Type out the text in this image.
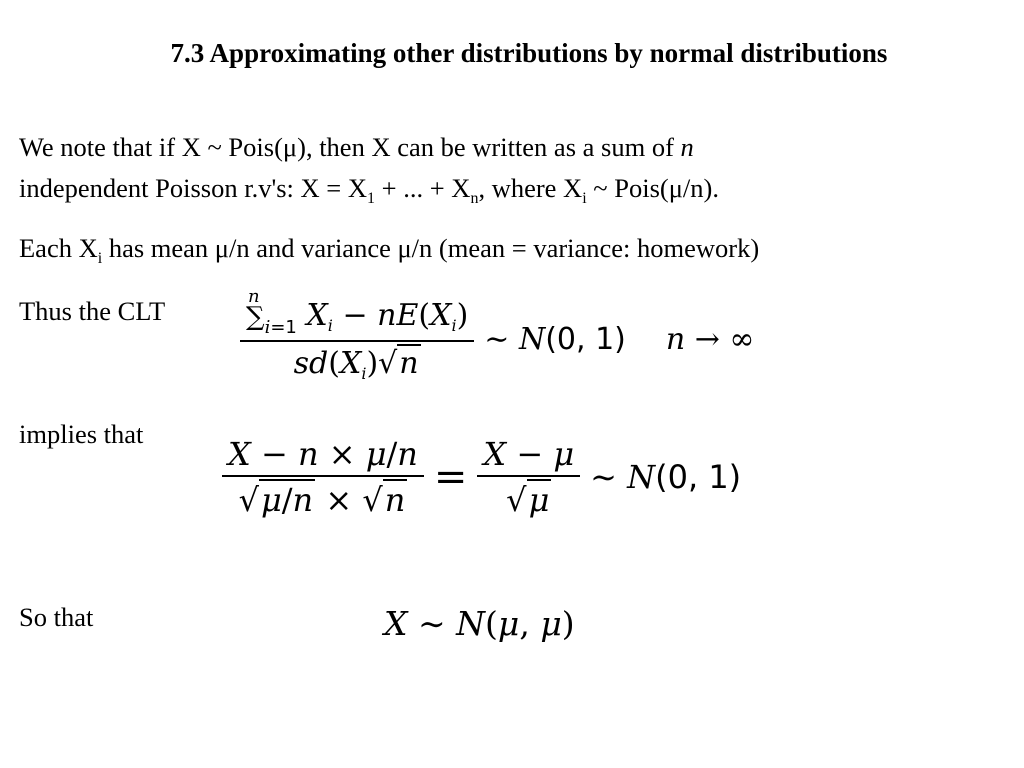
7.3 Approximating other distributions by normal distributions
We note that if X ~ Pois(μ), then X can be written as a sum of n
independent Poisson r.v's: $X = X_1$ + ... + $X_n$, where $X_i$ ~ Pois(μ/n).
Each $X_i$ has mean μ/n and variance μ/n (mean = variance: homework)
Thus the CLT
implies that
So that
$\sum_{i=1}$
n
$X_i - nE(X_i)$
$sd(X_i)√n$ ∼ N(0, 1) n → ∞
$\frac{X - n \times \mu/n}{√\mu/n \times √n} = \frac{X - \mu}{√\mu}$ ∼ N(0, 1)
X ∼ N(μ, μ)
